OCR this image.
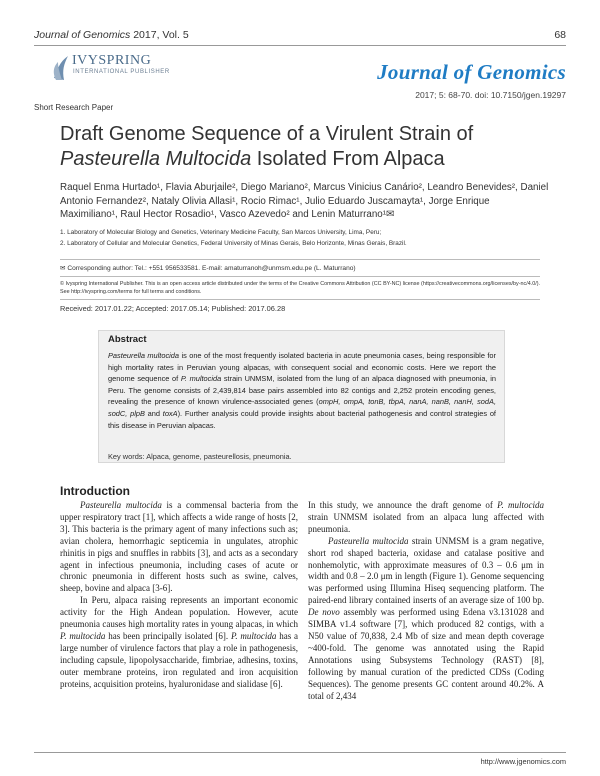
Journal of Genomics 2017, Vol. 5	68
IVYSPRING
INTERNATIONAL PUBLISHER	Journal of Genomics
2017; 5: 68-70. doi: 10.7150/jgen.19297
Short Research Paper
Draft Genome Sequence of a Virulent Strain of
Pasteurella Multocida Isolated From Alpaca
Raquel Enma Hurtado¹, Flavia Aburjaile², Diego Mariano², Marcus Vinicius Canário², Leandro Benevides², Daniel Antonio Fernandez², Nataly Olivia Allasi¹, Rocio Rimac¹, Julio Eduardo Juscamayta¹, Jorge Enrique Maximiliano¹, Raul Hector Rosadio¹, Vasco Azevedo² and Lenin Maturrano¹✉
1. Laboratory of Molecular Biology and Genetics, Veterinary Medicine Faculty, San Marcos University, Lima, Peru;
2. Laboratory of Cellular and Molecular Genetics, Federal University of Minas Gerais, Belo Horizonte, Minas Gerais, Brazil.
✉ Corresponding author: Tel.: +551 956533581. E-mail: amaturranoh@unmsm.edu.pe (L. Maturrano)
© Ivyspring International Publisher. This is an open access article distributed under the terms of the Creative Commons Attribution (CC BY-NC) license (https://creativecommons.org/licenses/by-nc/4.0/). See http://ivyspring.com/terms for full terms and conditions.
Received: 2017.01.22; Accepted: 2017.05.14; Published: 2017.06.28
Abstract
Pasteurella multocida is one of the most frequently isolated bacteria in acute pneumonia cases, being responsible for high mortality rates in Peruvian young alpacas, with consequent social and economic costs. Here we report the genome sequence of P. multocida strain UNMSM, isolated from the lung of an alpaca diagnosed with pneumonia, in Peru. The genome consists of 2,439,814 base pairs assembled into 82 contigs and 2,252 protein encoding genes, revealing the presence of known virulence-associated genes (ompH, ompA, tonB, tbpA, nanA, nanB, nanH, sodA, sodC, plpB and toxA). Further analysis could provide insights about bacterial pathogenesis and control strategies of this disease in Peruvian alpacas.
Key words: Alpaca, genome, pasteurellosis, pneumonia.
Introduction

Pasteurella multocida is a commensal bacteria from the upper respiratory tract [1], which affects a wide range of hosts [2, 3]. This bacteria is the primary agent of many infections such as; avian cholera, hemorrhagic septicemia in ungulates, atrophic rhinitis in pigs and snuffles in rabbits [3], and acts as a secondary agent in infectious pneumonia, including cases of acute or chronic pneumonia in different hosts such as swine, calves, sheep, bovine and alpaca [3-6].

In Peru, alpaca raising represents an important economic activity for the High Andean population. However, acute pneumonia causes high mortality rates in young alpacas, in which P. multocida has been principally isolated [6]. P. multocida has a large number of virulence factors that play a role in pathogenesis, including capsule, lipopolysaccharide, fimbriae, adhesins, toxins, outer membrane proteins, iron regulated and iron acquisition proteins, acquisition proteins, hyaluronidase and sialidase [6].

In this study, we announce the draft genome of P. multocida strain UNMSM isolated from an alpaca lung affected with pneumonia.

Pasteurella multocida strain UNMSM is a gram negative, short rod shaped bacteria, oxidase and catalase positive and nonhemolytic, with approximate measures of 0.3 – 0.6 μm in width and 0.8 – 2.0 μm in length (Figure 1). Genome sequencing was performed using Illumina Hiseq sequencing platform. The paired-end library contained inserts of an average size of 100 bp. De novo assembly was performed using Edena v3.131028 and SIMBA v1.4 software [7], which produced 82 contigs, with a N50 value of 70,838, 2.4 Mb of size and mean depth coverage ~400-fold. The genome was annotated using the Rapid Annotations using Subsystems Technology (RAST) [8], following by manual curation of the predicted CDSs (Coding Sequences). The genome presents GC content around 40.2%. A total of 2,434

http://www.jgenomics.com
